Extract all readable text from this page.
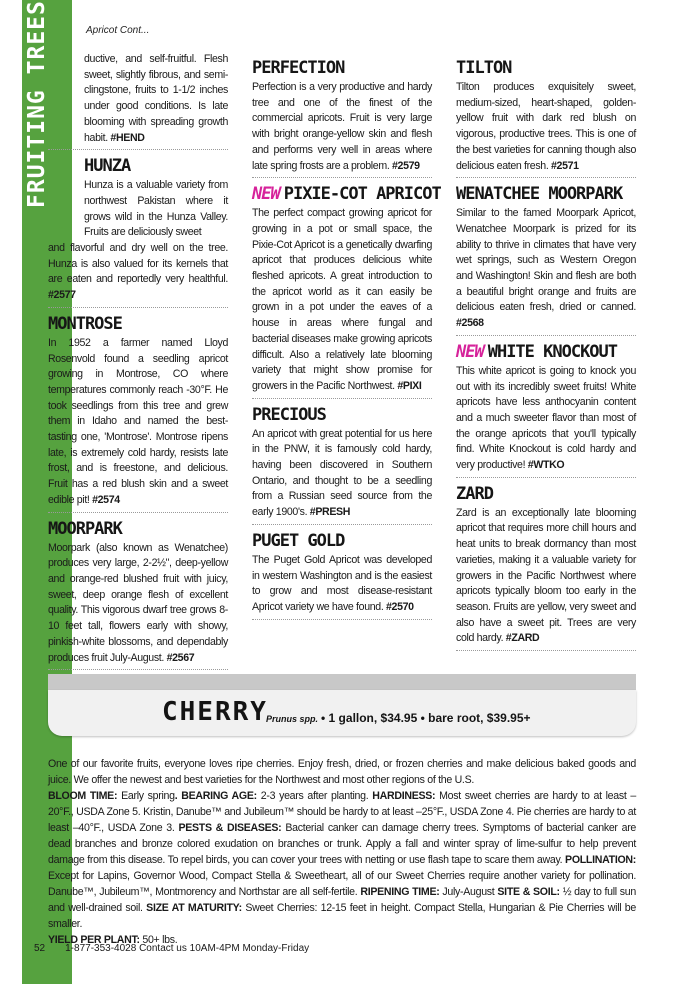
FRUITING TREES	Apricot Cont...

ductive, and self-fruitful. Flesh sweet, slightly fibrous, and semi-clingstone, fruits to 1-1/2 inches under good conditions. Is late blooming with spreading growth habit. #HEND

HUNZA

Hunza is a valuable variety from northwest Pakistan where it grows wild in the Hunza Valley. Fruits are deliciously sweet

and flavorful and dry well on the tree. Hunza is also valued for its kernels that are eaten and reportedly very healthful. #2577

MONTROSE

In 1952 a farmer named Lloyd Rosenvold found a seedling apricot growing in Montrose, CO where temperatures commonly reach -30°F. He took seedlings from this tree and grew them in Idaho and named the best-tasting one, 'Montrose'. Montrose ripens late, is extremely cold hardy, resists late frost, and is freestone, and delicious. Fruit has a red blush skin and a sweet edible pit! #2574

MOORPARK

Moorpark (also known as Wenatchee) produces very large, 2-2½", deep-yellow and orange-red blushed fruit with juicy, sweet, deep orange flesh of excellent quality. This vigorous dwarf tree grows 8-10 feet tall, flowers early with showy, pinkish-white blossoms, and dependably produces fruit July-August. #2567

PERFECTION

Perfection is a very productive and hardy tree and one of the finest of the commercial apricots. Fruit is very large with bright orange-yellow skin and flesh and performs very well in areas where late spring frosts are a problem. #2579

NEW PIXIE-COT APRICOT

The perfect compact growing apricot for growing in a pot or small space, the Pixie-Cot Apricot is a genetically dwarfing apricot that produces delicious white fleshed apricots. A great introduction to the apricot world as it can easily be grown in a pot under the eaves of a house in areas where fungal and bacterial diseases make growing apricots difficult. Also a relatively late blooming variety that might show promise for growers in the Pacific Northwest. #PIXI

PRECIOUS

An apricot with great potential for us here in the PNW, it is famously cold hardy, having been discovered in Southern Ontario, and thought to be a seedling from a Russian seed source from the early 1900's. #PRESH

PUGET GOLD

The Puget Gold Apricot was developed in western Washington and is the easiest to grow and most disease-resistant Apricot variety we have found. #2570

TILTON

Tilton produces exquisitely sweet, medium-sized, heart-shaped, golden-yellow fruit with dark red blush on vigorous, productive trees. This is one of the best varieties for canning though also delicious eaten fresh. #2571

WENATCHEE MOORPARK

Similar to the famed Moorpark Apricot, Wenatchee Moorpark is prized for its ability to thrive in climates that have very wet springs, such as Western Oregon and Washington! Skin and flesh are both a beautiful bright orange and fruits are delicious eaten fresh, dried or canned. #2568

NEW WHITE KNOCKOUT

This white apricot is going to knock you out with its incredibly sweet fruits! White apricots have less anthocyanin content and a much sweeter flavor than most of the orange apricots that you'll typically find. White Knockout is cold hardy and very productive! #WTKO

ZARD

Zard is an exceptionally late blooming apricot that requires more chill hours and heat units to break dormancy than most varieties, making it a valuable variety for growers in the Pacific Northwest where apricots typically bloom too early in the season. Fruits are yellow, very sweet and also have a sweet pit. Trees are very cold hardy. #ZARD

CHERRY
Prunus spp. • 1 gallon, $34.95 • bare root, $39.95+

One of our favorite fruits, everyone loves ripe cherries. Enjoy fresh, dried, or frozen cherries and make delicious baked goods and juice. We offer the newest and best varieties for the Northwest and most other regions of the U.S.

BLOOM TIME: Early spring. BEARING AGE: 2-3 years after planting. HARDINESS: Most sweet cherries are hardy to at least –20°F., USDA Zone 5. Kristin, Danube™ and Jubileum™ should be hardy to at least –25°F., USDA Zone 4. Pie cherries are hardy to at least –40°F., USDA Zone 3. PESTS & DISEASES: Bacterial canker can damage cherry trees. Symptoms of bacterial canker are dead branches and bronze colored exudation on branches or trunk. Apply a fall and winter spray of lime-sulfur to help prevent damage from this disease. To repel birds, you can cover your trees with netting or use flash tape to scare them away. POLLINATION: Except for Lapins, Governor Wood, Compact Stella & Sweetheart, all of our Sweet Cherries require another variety for pollination. Danube™, Jubileum™, Montmorency and Northstar are all self-fertile. RIPENING TIME: July-August SITE & SOIL: ½ day to full sun and well-drained soil. SIZE AT MATURITY: Sweet Cherries: 12-15 feet in height. Compact Stella, Hungarian & Pie Cherries will be smaller.

YIELD PER PLANT: 50+ lbs.

52 1-877-353-4028 Contact us 10AM-4PM Monday-Friday
